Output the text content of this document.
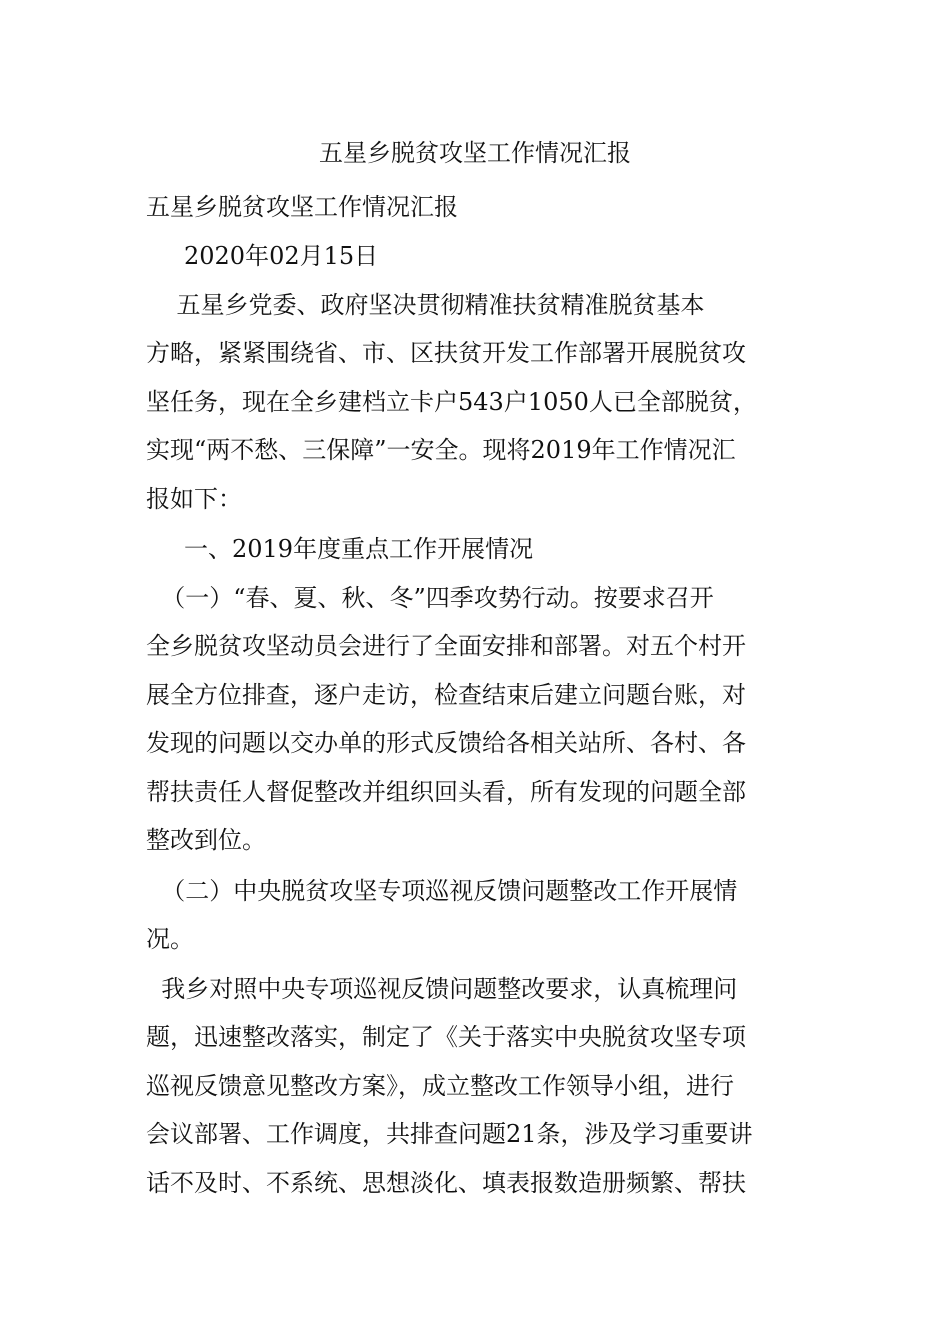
五星乡脱贫攻坚工作情况汇报
五星乡脱贫攻坚工作情况汇报
2020年02月15日
五星乡党委、政府坚决贯彻精准扶贫精准脱贫基本
方略，紧紧围绕省、市、区扶贫开发工作部署开展脱贫攻
坚任务，现在全乡建档立卡户543户1050人已全部脱贫，
实现“两不愁、三保障”一安全。现将2019年工作情况汇
报如下：
一、2019年度重点工作开展情况
（一）“春、夏、秋、冬”四季攻势行动。按要求召开
全乡脱贫攻坚动员会进行了全面安排和部署。对五个村开
展全方位排查，逐户走访，检查结束后建立问题台账，对
发现的问题以交办单的形式反馈给各相关站所、各村、各
帮扶责任人督促整改并组织回头看，所有发现的问题全部
整改到位。
（二）中央脱贫攻坚专项巡视反馈问题整改工作开展情
况。
我乡对照中央专项巡视反馈问题整改要求，认真梳理问
题，迅速整改落实，制定了《关于落实中央脱贫攻坚专项
巡视反馈意见整改方案》，成立整改工作领导小组，进行
会议部署、工作调度，共排查问题21条，涉及学习重要讲
话不及时、不系统、思想淡化、填表报数造册频繁、帮扶
